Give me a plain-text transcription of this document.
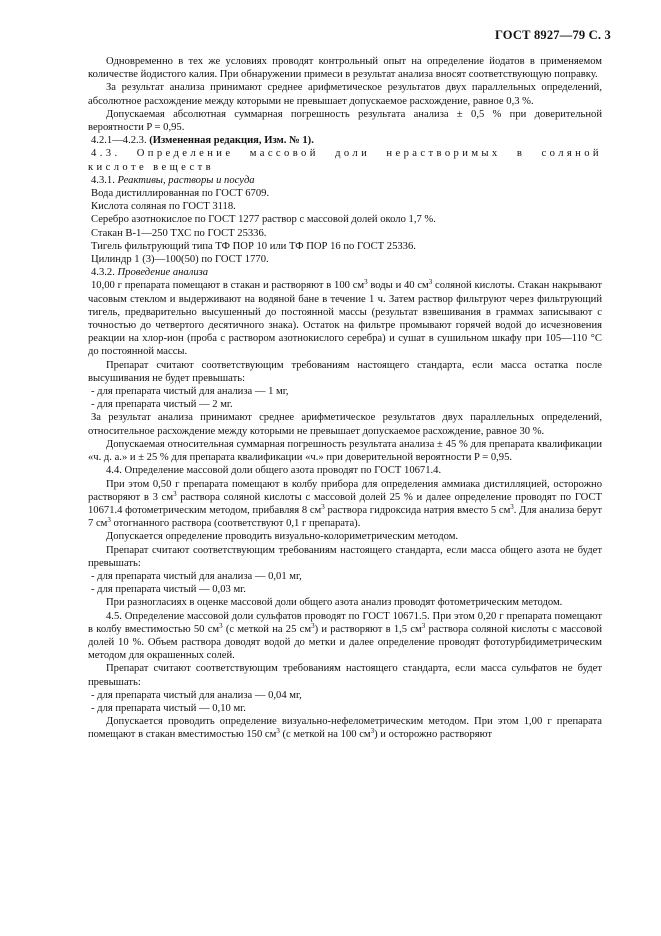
ГОСТ 8927—79 С. 3

Одновременно в тех же условиях проводят контрольный опыт на определение йодатов в применяемом количестве йодистого калия. При обнаружении примеси в результат анализа вносят соответствующую поправку.

За результат анализа принимают среднее арифметическое результатов двух параллельных определений, абсолютное расхождение между которыми не превышает допускаемое расхождение, равное 0,3 %.

Допускаемая абсолютная суммарная погрешность результата анализа ± 0,5 % при доверительной вероятности P = 0,95.

4.2.1—4.2.3. (Измененная редакция, Изм. № 1).

4.3. Определение массовой доли нерастворимых в соляной кислоте веществ

4.3.1. Реактивы, растворы и посуда

Вода дистиллированная по ГОСТ 6709.

Кислота соляная по ГОСТ 3118.

Серебро азотнокислое по ГОСТ 1277 раствор с массовой долей около 1,7 %.

Стакан В-1—250 ТХС по ГОСТ 25336.

Тигель фильтрующий типа ТФ ПОР 10 или ТФ ПОР 16 по ГОСТ 25336.

Цилиндр 1 (3)—100(50) по ГОСТ 1770.

4.3.2. Проведение анализа

10,00 г препарата помещают в стакан и растворяют в 100 $см^3$ воды и 40 $см^3$ соляной кислоты. Стакан накрывают часовым стеклом и выдерживают на водяной бане в течение 1 ч. Затем раствор фильтруют через фильтрующий тигель, предварительно высушенный до постоянной массы (результат взвешивания в граммах записывают с точностью до четвертого десятичного знака). Остаток на фильтре промывают горячей водой до исчезновения реакции на хлор-ион (проба с раствором азотнокислого серебра) и сушат в сушильном шкафу при 105—110 °С до постоянной массы.

Препарат считают соответствующим требованиям настоящего стандарта, если масса остатка после высушивания не будет превышать:

- для препарата чистый для анализа — 1 мг,

- для препарата чистый — 2 мг.

За результат анализа принимают среднее арифметическое результатов двух параллельных определений, относительное расхождение между которыми не превышает допускаемое расхождение, равное 30 %.

Допускаемая относительная суммарная погрешность результата анализа ± 45 % для препарата квалификации «ч. д. а.» и ± 25 % для препарата квалификации «ч.» при доверительной вероятности P = 0,95.

4.4. Определение массовой доли общего азота проводят по ГОСТ 10671.4.

При этом 0,50 г препарата помещают в колбу прибора для определения аммиака дистилляцией, осторожно растворяют в 3 $см^3$ раствора соляной кислоты с массовой долей 25 % и далее определение проводят по ГОСТ 10671.4 фотометрическим методом, прибавляя 8 $см^3$ раствора гидроксида натрия вместо 5 $см^3$. Для анализа берут 7 $см^3$ отогнанного раствора (соответствуют 0,1 г препарата).

Допускается определение проводить визуально-колориметрическим методом.

Препарат считают соответствующим требованиям настоящего стандарта, если масса общего азота не будет превышать:

- для препарата чистый для анализа — 0,01 мг,

- для препарата чистый — 0,03 мг.

При разногласиях в оценке массовой доли общего азота анализ проводят фотометрическим методом.

4.5. Определение массовой доли сульфатов проводят по ГОСТ 10671.5. При этом 0,20 г препарата помещают в колбу вместимостью 50 $см^3$ (с меткой на 25 $см^3$) и растворяют в 1,5 $см^3$ раствора соляной кислоты с массовой долей 10 %. Объем раствора доводят водой до метки и далее определение проводят фототурбидиметрическим методом для окрашенных солей.

Препарат считают соответствующим требованиям настоящего стандарта, если масса сульфатов не будет превышать:

- для препарата чистый для анализа — 0,04 мг,

- для препарата чистый — 0,10 мг.

Допускается проводить определение визуально-нефелометрическим методом. При этом 1,00 г препарата помещают в стакан вместимостью 150 $см^3$ (с меткой на 100 $см^3$) и осторожно растворяют
